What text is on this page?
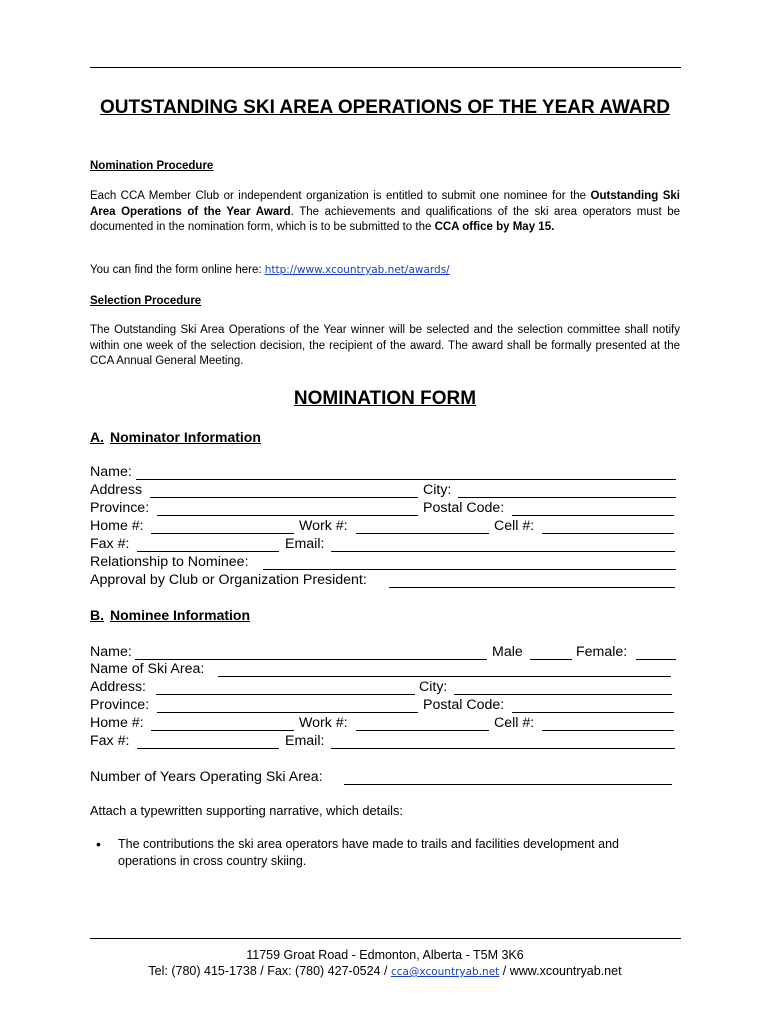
OUTSTANDING SKI AREA OPERATIONS OF THE YEAR AWARD
Nomination Procedure
Each CCA Member Club or independent organization is entitled to submit one nominee for the Outstanding Ski Area Operations of the Year Award. The achievements and qualifications of the ski area operators must be documented in the nomination form, which is to be submitted to the CCA office by May 15.
You can find the form online here: http://www.xcountryab.net/awards/
Selection Procedure
The Outstanding Ski Area Operations of the Year winner will be selected and the selection committee shall notify within one week of the selection decision, the recipient of the award. The award shall be formally presented at the CCA Annual General Meeting.
NOMINATION FORM
A. Nominator Information
Name:
Address	City:
Province:	Postal Code:
Home #:	Work #:	Cell #:
Fax #:	Email:
Relationship to Nominee:
Approval by Club or Organization President:
B. Nominee Information
Name:	Male	Female:
Name of Ski Area:
Address:	City:
Province:	Postal Code:
Home #:	Work #:	Cell #:
Fax #:	Email:
Number of Years Operating Ski Area:
Attach a typewritten supporting narrative, which details:
• The contributions the ski area operators have made to trails and facilities development and operations in cross country skiing.
11759 Groat Road - Edmonton, Alberta - T5M 3K6
Tel: (780) 415-1738 / Fax: (780) 427-0524 / cca@xcountryab.net / www.xcountryab.net
